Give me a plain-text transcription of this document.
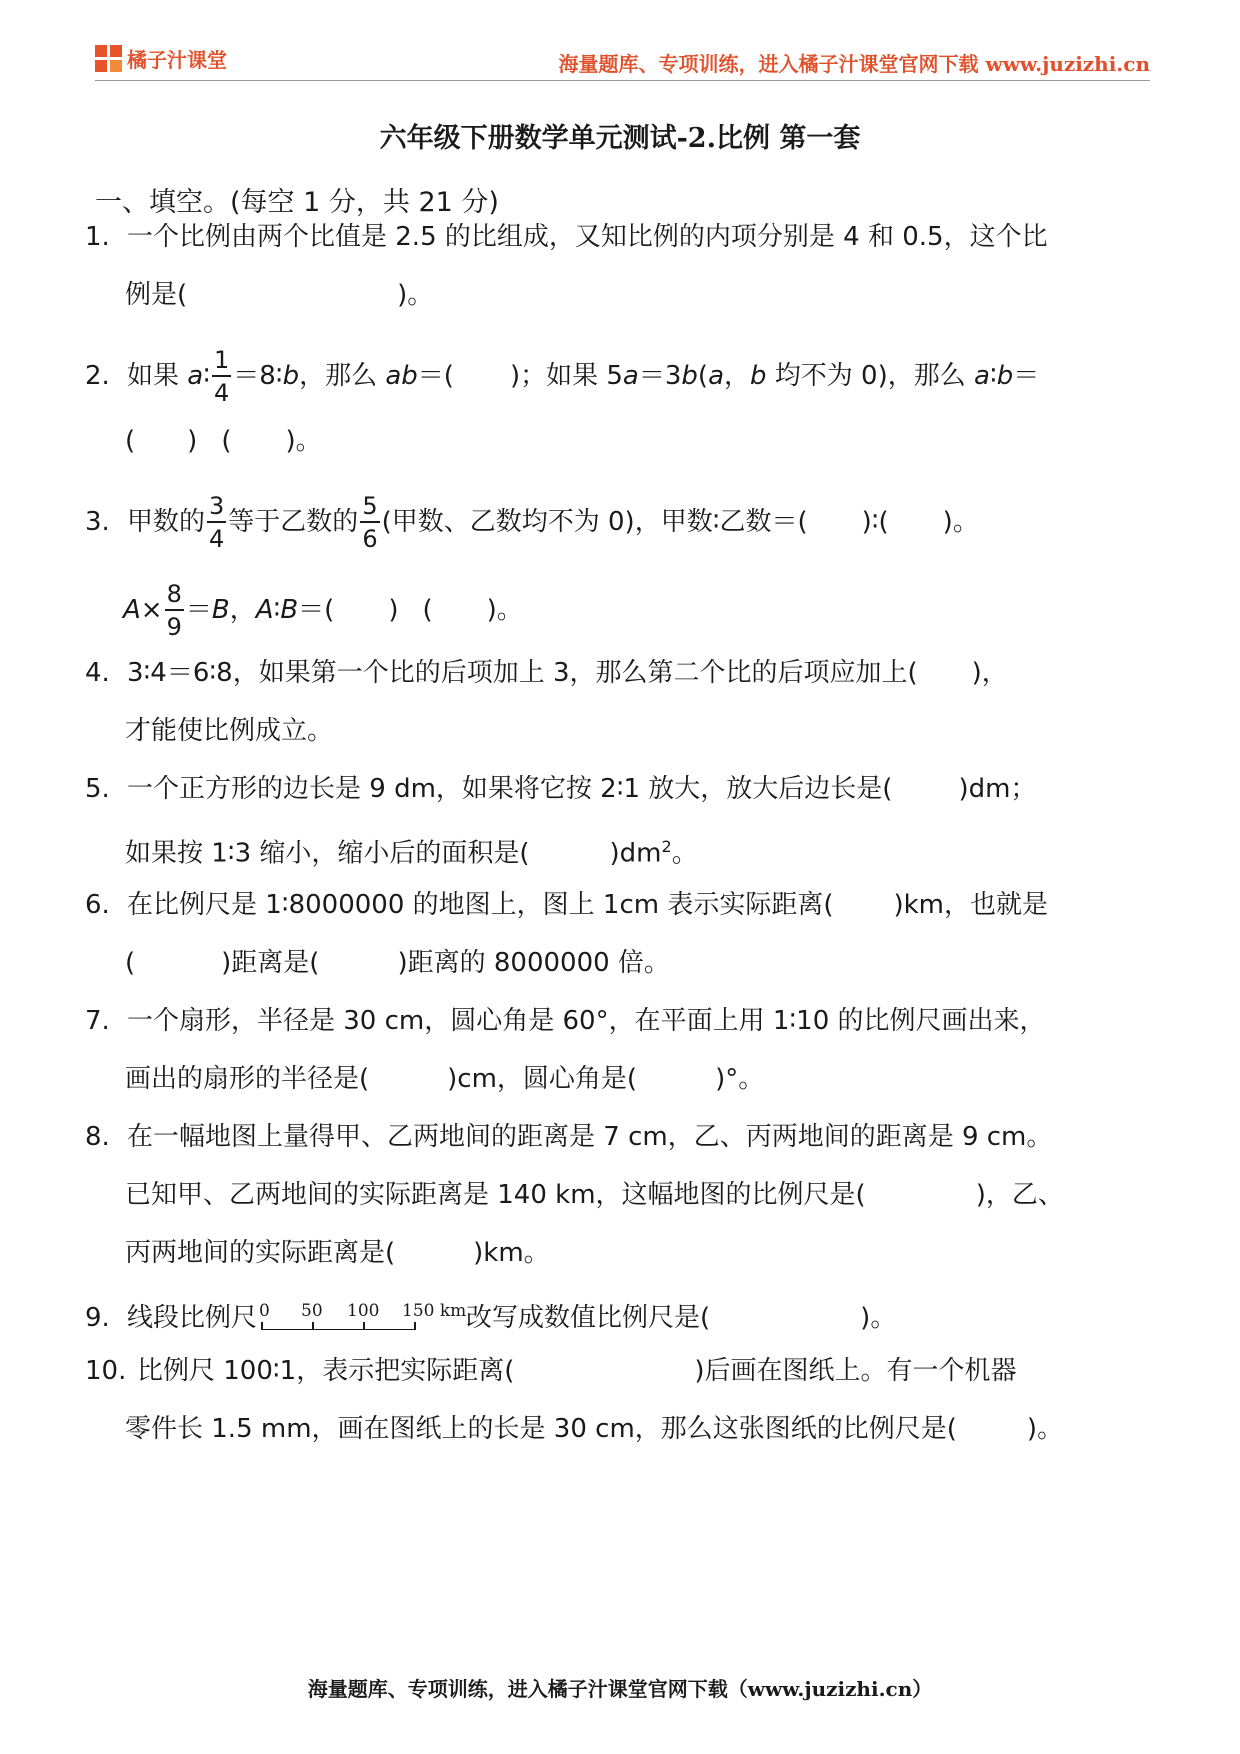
橘子汁课堂	海量题库、专项训练，进入橘子汁课堂官网下载 www.juzizhi.cn
六年级下册数学单元测试-2.比例 第一套
一、填空。(每空 1 分，共 21 分)
1. 一个比例由两个比值是 2.5 的比组成，又知比例的内项分别是 4 和 0.5，这个比
例是(	)。
2. 如果 a∶ $\frac{1}{4}$ ＝8∶b，那么 ab＝( )；如果 5a＝3b(a，b 均不为 0)，那么 a∶b＝
( ) ( )。
3. 甲数的 $\frac{3}{4}$ 等于乙数的 $\frac{5}{6}$ (甲数、乙数均不为 0)，甲数∶乙数＝( )∶( )。
$A\times \frac{8}{9} =B$，A∶B＝( ) ( )。
4. 3∶4＝6∶8，如果第一个比的后项加上 3，那么第二个比的后项应加上( )，
才能使比例成立。
5. 一个正方形的边长是 9 dm，如果将它按 2∶1 放大，放大后边长是(	)dm；
如果按 1∶3 缩小，缩小后的面积是(	)$dm^2$。
6. 在比例尺是 1∶8000000 的地图上，图上 1cm 表示实际距离( )km，也就是
(	)距离是(	)距离的 8000000 倍。
7. 一个扇形，半径是 30 cm，圆心角是 60°，在平面上用 1∶10 的比例尺画出来，
画出的扇形的半径是(	)cm，圆心角是(	)°。
8. 在一幅地图上量得甲、乙两地间的距离是 7 cm，乙、丙两地间的距离是 9 cm。
已知甲、乙两地间的实际距离是 140 km，这幅地图的比例尺是(	)，乙、
丙两地间的实际距离是(	)km。
9. 线段比例尺 0 50 100 150 km 改写成数值比例尺是(	)。
10. 比例尺 100∶1，表示把实际距离(	)后画在图纸上。有一个机器
零件长 1.5 mm，画在图纸上的长是 30 cm，那么这张图纸的比例尺是(	)。
海量题库、专项训练，进入橘子汁课堂官网下载（www.juzizhi.cn）
